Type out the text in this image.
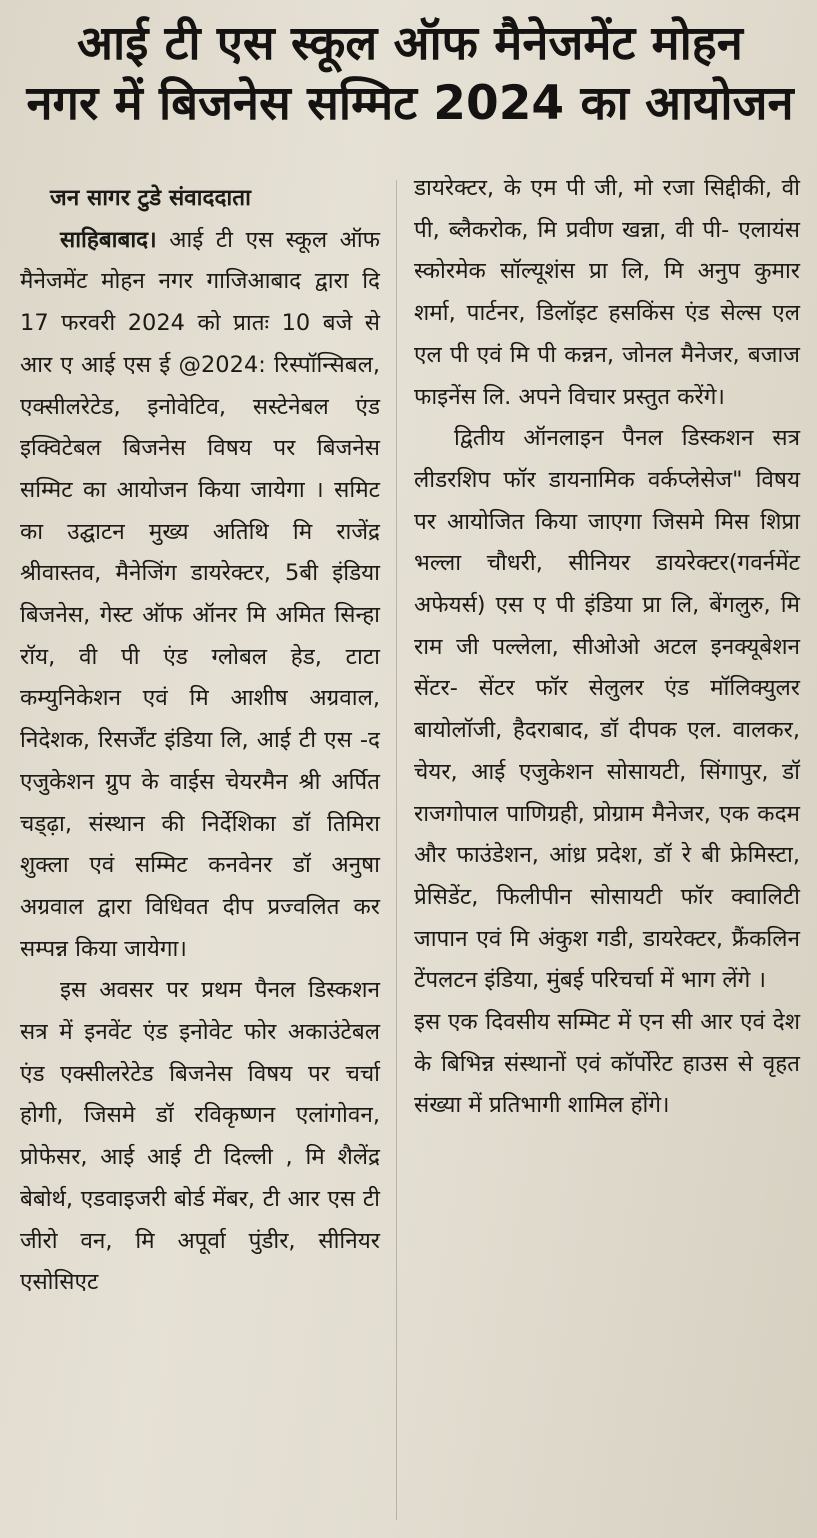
आई टी एस स्कूल ऑफ मैनेजमेंट मोहन
नगर में बिजनेस सम्मिट 2024 का आयोजन

जन सागर टुडे संवाददाता

साहिबाबाद। आई टी एस स्कूल ऑफ मैनेजमेंट मोहन नगर गाजिआबाद द्वारा दि 17 फरवरी 2024 को प्रातः 10 बजे से आर ए आई एस ई @2024: रिस्पॉन्सिबल, एक्सीलरेटेड, इनोवेटिव, सस्टेनेबल एंड इक्विटेबल बिजनेस विषय पर बिजनेस सम्मिट का आयोजन किया जायेगा । समिट का उद्घाटन मुख्य अतिथि मि राजेंद्र श्रीवास्तव, मैनेजिंग डायरेक्टर, 5बी इंडिया बिजनेस, गेस्ट ऑफ ऑनर मि अमित सिन्हा रॉय, वी पी एंड ग्लोबल हेड, टाटा कम्युनिकेशन एवं मि आशीष अग्रवाल, निदेशक, रिसर्जेंट इंडिया लि, आई टी एस -द एजुकेशन ग्रुप के वाईस चेयरमैन श्री अर्पित चड्ढ़ा, संस्थान की निर्देशिका डॉ तिमिरा शुक्ला एवं सम्मिट कनवेनर डॉ अनुषा अग्रवाल द्वारा विधिवत दीप प्रज्वलित कर सम्पन्न किया जायेगा।

इस अवसर पर प्रथम पैनल डिस्कशन सत्र में इनवेंट एंड इनोवेट फोर अकाउंटेबल एंड एक्सीलरेटेड बिजनेस विषय पर चर्चा होगी, जिसमे डॉ रविकृष्णन एलांगोवन, प्रोफेसर, आई आई टी दिल्ली , मि शैलेंद्र बेबोर्थ, एडवाइजरी बोर्ड मेंबर, टी आर एस टी जीरो वन, मि अपूर्वा पुंडीर, सीनियर एसोसिएट

डायरेक्टर, के एम पी जी, मो रजा सिद्दीकी, वी पी, ब्लैकरोक, मि प्रवीण खन्ना, वी पी- एलायंस स्कोरमेक सॉल्यूशंस प्रा लि, मि अनुप कुमार शर्मा, पार्टनर, डिलॉइट हसकिंस एंड सेल्स एल एल पी एवं मि पी कन्नन, जोनल मैनेजर, बजाज फाइनेंस लि. अपने विचार प्रस्तुत करेंगे।

द्वितीय ऑनलाइन पैनल डिस्कशन सत्र लीडरशिप फॉर डायनामिक वर्कप्लेसेज" विषय पर आयोजित किया जाएगा जिसमे मिस शिप्रा भल्ला चौधरी, सीनियर डायरेक्टर(गवर्नमेंट अफेयर्स) एस ए पी इंडिया प्रा लि, बेंगलुरु, मि राम जी पल्लेला, सीओओ अटल इनक्यूबेशन सेंटर- सेंटर फॉर सेलुलर एंड मॉलिक्युलर बायोलॉजी, हैदराबाद, डॉ दीपक एल. वालकर, चेयर, आई एजुकेशन सोसायटी, सिंगापुर, डॉ राजगोपाल पाणिग्रही, प्रोग्राम मैनेजर, एक कदम और फाउंडेशन, आंध्र प्रदेश, डॉ रे बी फ्रेमिस्टा, प्रेसिडेंट, फिलीपीन सोसायटी फॉर क्वालिटी जापान एवं मि अंकुश गडी, डायरेक्टर, फ्रैंकलिन टेंपलटन इंडिया, मुंबई परिचर्चा में भाग लेंगे ।

इस एक दिवसीय सम्मिट में एन सी आर एवं देश के बिभिन्न संस्थानों एवं कॉर्पोरेट हाउस से वृहत संख्या में प्रतिभागी शामिल होंगे।
